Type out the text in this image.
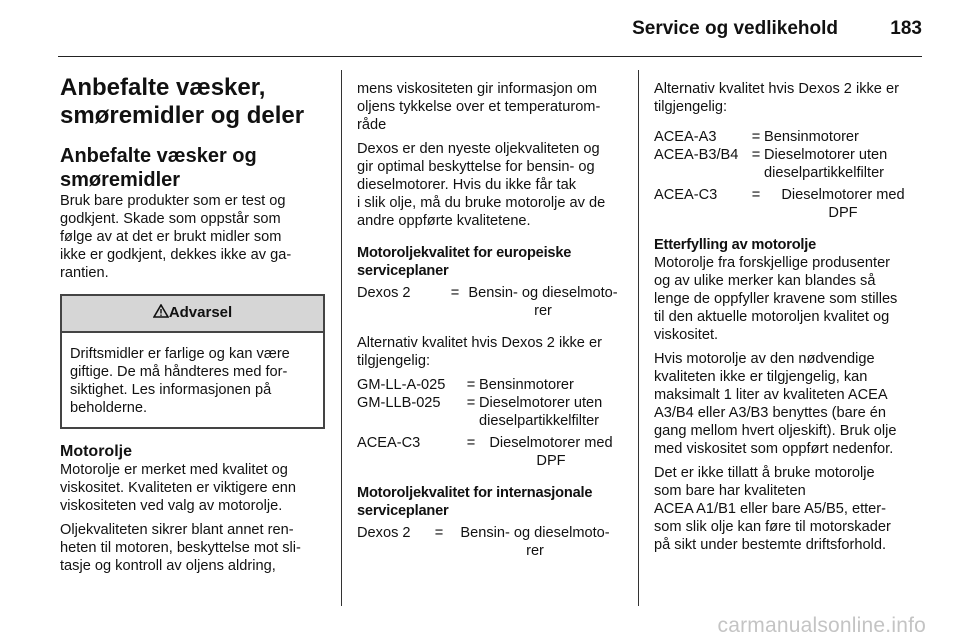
Service og vedlikehold	183
Anbefalte væsker,
smøremidler og deler
Anbefalte væsker og
smøremidler

Bruk bare produkter som er test og
godkjent. Skade som oppstår som
følge av at det er brukt midler som
ikke er godkjent, dekkes ikke av ga-
rantien.

Advarsel
Driftsmidler er farlige og kan være
giftige. De må håndteres med for-
siktighet. Les informasjonen på
beholderne.
Motorolje

Motorolje er merket med kvalitet og
viskositet. Kvaliteten er viktigere enn
viskositeten ved valg av motorolje.

Oljekvaliteten sikrer blant annet ren-
heten til motoren, beskyttelse mot sli-
tasje og kontroll av oljens aldring,

mens viskositeten gir informasjon om
oljens tykkelse over et temperaturom-
råde

Dexos er den nyeste oljekvaliteten og
gir optimal beskyttelse for bensin- og
dieselmotorer. Hvis du ikke får tak
i slik olje, må du bruke motorolje av de
andre oppførte kvalitetene.

Motoroljekvalitet for europeiske
serviceplaner
Dexos 2	=	Bensin- og dieselmoto-
rer

Alternativ kvalitet hvis Dexos 2 ikke er
tilgjengelig:

GM-LL-A-025	=	Bensinmotorer
GM-LLB-025	=	Dieselmotorer uten
dieselpartikkelfilter
ACEA-C3	=	Dieselmotorer med
DPF
Motoroljekvalitet for internasjonale
serviceplaner
Dexos 2	=	Bensin- og dieselmoto-
rer

Alternativ kvalitet hvis Dexos 2 ikke er
tilgjengelig:

ACEA-A3	=	Bensinmotorer
ACEA-B3/B4	=	Dieselmotorer uten
dieselpartikkelfilter
ACEA-C3	=	Dieselmotorer med
DPF
Etterfylling av motorolje

Motorolje fra forskjellige produsenter
og av ulike merker kan blandes så
lenge de oppfyller kravene som stilles
til den aktuelle motoroljen kvalitet og
viskositet.

Hvis motorolje av den nødvendige
kvaliteten ikke er tilgjengelig, kan
maksimalt 1 liter av kvaliteten ACEA
A3/B4 eller A3/B3 benyttes (bare én
gang mellom hvert oljeskift). Bruk olje
med viskositet som oppført nedenfor.

Det er ikke tillatt å bruke motorolje
som bare har kvaliteten
ACEA A1/B1 eller bare A5/B5, etter-
som slik olje kan føre til motorskader
på sikt under bestemte driftsforhold.

carmanualsonline.info
